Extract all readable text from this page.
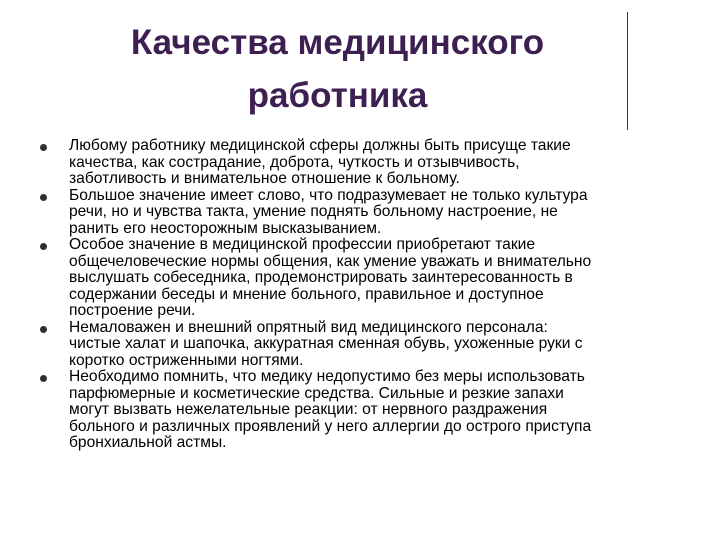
Качества медицинского
работника
Любому работнику медицинской сферы должны быть присуще такие
качества, как сострадание, доброта, чуткость и отзывчивость,
заботливость и внимательное отношение к больному.
Большое значение имеет слово, что подразумевает не только культура
речи, но и чувства такта, умение поднять больному настроение, не
ранить его неосторожным высказыванием.
Особое значение в медицинской профессии приобретают такие
общечеловеческие нормы общения, как умение уважать и внимательно
выслушать собеседника, продемонстрировать заинтересованность в
содержании беседы и мнение больного, правильное и доступное
построение речи.
Немаловажен и внешний опрятный вид медицинского персонала:
чистые халат и шапочка, аккуратная сменная обувь, ухоженные руки с
коротко остриженными ногтями.
Необходимо помнить, что медику недопустимо без меры использовать
парфюмерные и косметические средства. Сильные и резкие запахи
могут вызвать нежелательные реакции: от нервного раздражения
больного и различных проявлений у него аллергии до острого приступа
бронхиальной астмы.
